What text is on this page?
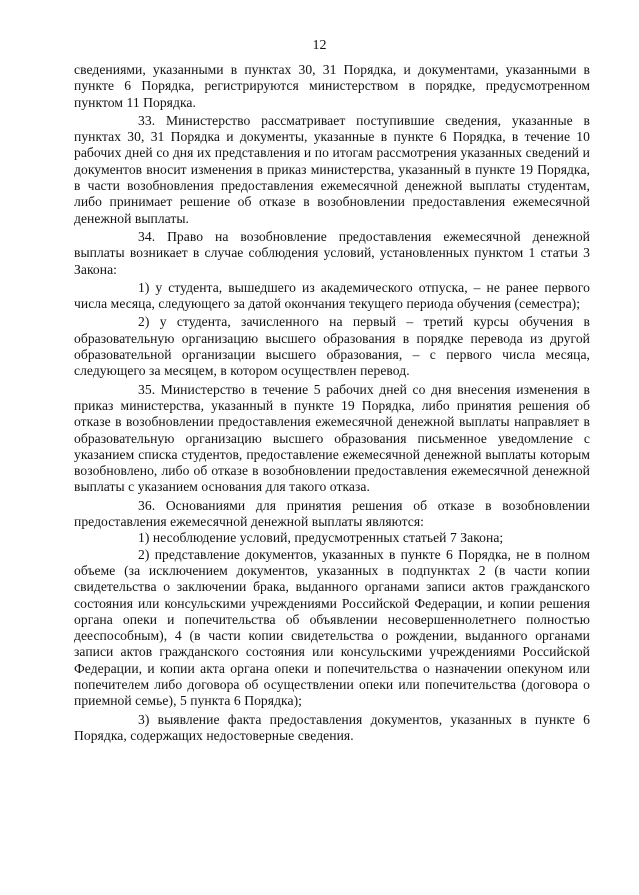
12

сведениями, указанными в пунктах 30, 31 Порядка, и документами, указанными в пункте 6 Порядка, регистрируются министерством в порядке, предусмотренном пунктом 11 Порядка.

33. Министерство рассматривает поступившие сведения, указанные в пунктах 30, 31 Порядка и документы, указанные в пункте 6 Порядка, в течение 10 рабочих дней со дня их представления и по итогам рассмотрения указанных сведений и документов вносит изменения в приказ министерства, указанный в пункте 19 Порядка, в части возобновления предоставления ежемесячной денежной выплаты студентам, либо принимает решение об отказе в возобновлении предоставления ежемесячной денежной выплаты.

34. Право на возобновление предоставления ежемесячной денежной выплаты возникает в случае соблюдения условий, установленных пунктом 1 статьи 3 Закона:

1) у студента, вышедшего из академического отпуска, – не ранее первого числа месяца, следующего за датой окончания текущего периода обучения (семестра);

2) у студента, зачисленного на первый – третий курсы обучения в образовательную организацию высшего образования в порядке перевода из другой образовательной организации высшего образования, – с первого числа месяца, следующего за месяцем, в котором осуществлен перевод.

35. Министерство в течение 5 рабочих дней со дня внесения изменения в приказ министерства, указанный в пункте 19 Порядка, либо принятия решения об отказе в возобновлении предоставления ежемесячной денежной выплаты направляет в образовательную организацию высшего образования письменное уведомление с указанием списка студентов, предоставление ежемесячной денежной выплаты которым возобновлено, либо об отказе в возобновлении предоставления ежемесячной денежной выплаты с указанием основания для такого отказа.

36. Основаниями для принятия решения об отказе в возобновлении предоставления ежемесячной денежной выплаты являются:

1) несоблюдение условий, предусмотренных статьей 7 Закона;

2) представление документов, указанных в пункте 6 Порядка, не в полном объеме (за исключением документов, указанных в подпунктах 2 (в части копии свидетельства о заключении брака, выданного органами записи актов гражданского состояния или консульскими учреждениями Российской Федерации, и копии решения органа опеки и попечительства об объявлении несовершеннолетнего полностью дееспособным), 4 (в части копии свидетельства о рождении, выданного органами записи актов гражданского состояния или консульскими учреждениями Российской Федерации, и копии акта органа опеки и попечительства о назначении опекуном или попечителем либо договора об осуществлении опеки или попечительства (договора о приемной семье), 5 пункта 6 Порядка);

3) выявление факта предоставления документов, указанных в пункте 6 Порядка, содержащих недостоверные сведения.
